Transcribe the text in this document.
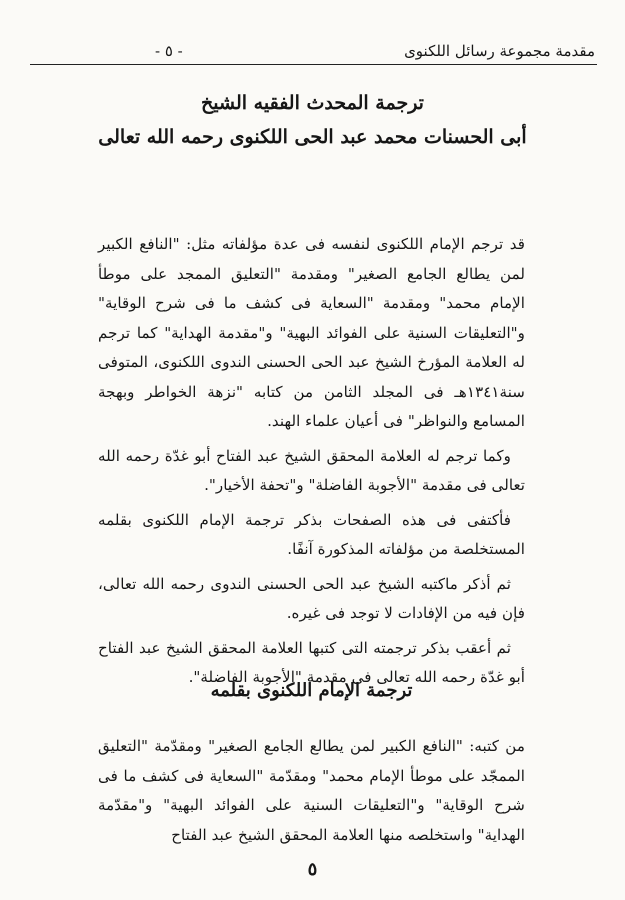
مقدمة مجموعة رسائل اللكنوى
- ٥ -
ترجمة المحدث الفقيه الشيخ
أبى الحسنات محمد عبد الحى اللكنوى رحمه الله تعالى

قد ترجم الإمام اللكنوى لنفسه فى عدة مؤلفاته مثل: "النافع الكبير لمن يطالع الجامع الصغير" ومقدمة "التعليق الممجد على موطأ الإمام محمد" ومقدمة "السعاية فى كشف ما فى شرح الوقاية" و"التعليقات السنية على الفوائد البهية" و"مقدمة الهداية" كما ترجم له العلامة المؤرخ الشيخ عبد الحى الحسنى الندوى اللكنوى، المتوفى سنة١٣٤١هـ فى المجلد الثامن من كتابه "نزهة الخواطر وبهجة المسامع والنواظر" فى أعيان علماء الهند.

وكما ترجم له العلامة المحقق الشيخ عبد الفتاح أبو غدّة رحمه الله تعالى فى مقدمة "الأجوبة الفاضلة" و"تحفة الأخيار".

فأكتفى فى هذه الصفحات بذكر ترجمة الإمام اللكنوى بقلمه المستخلصة من مؤلفاته المذكورة آنفًا.

ثم أذكر ماكتبه الشيخ عبد الحى الحسنى الندوى رحمه الله تعالى، فإن فيه من الإفادات لا توجد فى غيره.

ثم أعقب بذكر ترجمته التى كتبها العلامة المحقق الشيخ عبد الفتاح أبو غدّة رحمه الله تعالى فى مقدمة "الأجوبة الفاضلة".

ترجمة الإمام اللكنوى بقلمه

من كتبه: "النافع الكبير لمن يطالع الجامع الصغير" ومقدّمة "التعليق الممجّد على موطأ الإمام محمد" ومقدّمة "السعاية فى كشف ما فى شرح الوقاية" و"التعليقات السنية على الفوائد البهية" و"مقدّمة الهداية" واستخلصه منها العلامة المحقق الشيخ عبد الفتاح

٥
